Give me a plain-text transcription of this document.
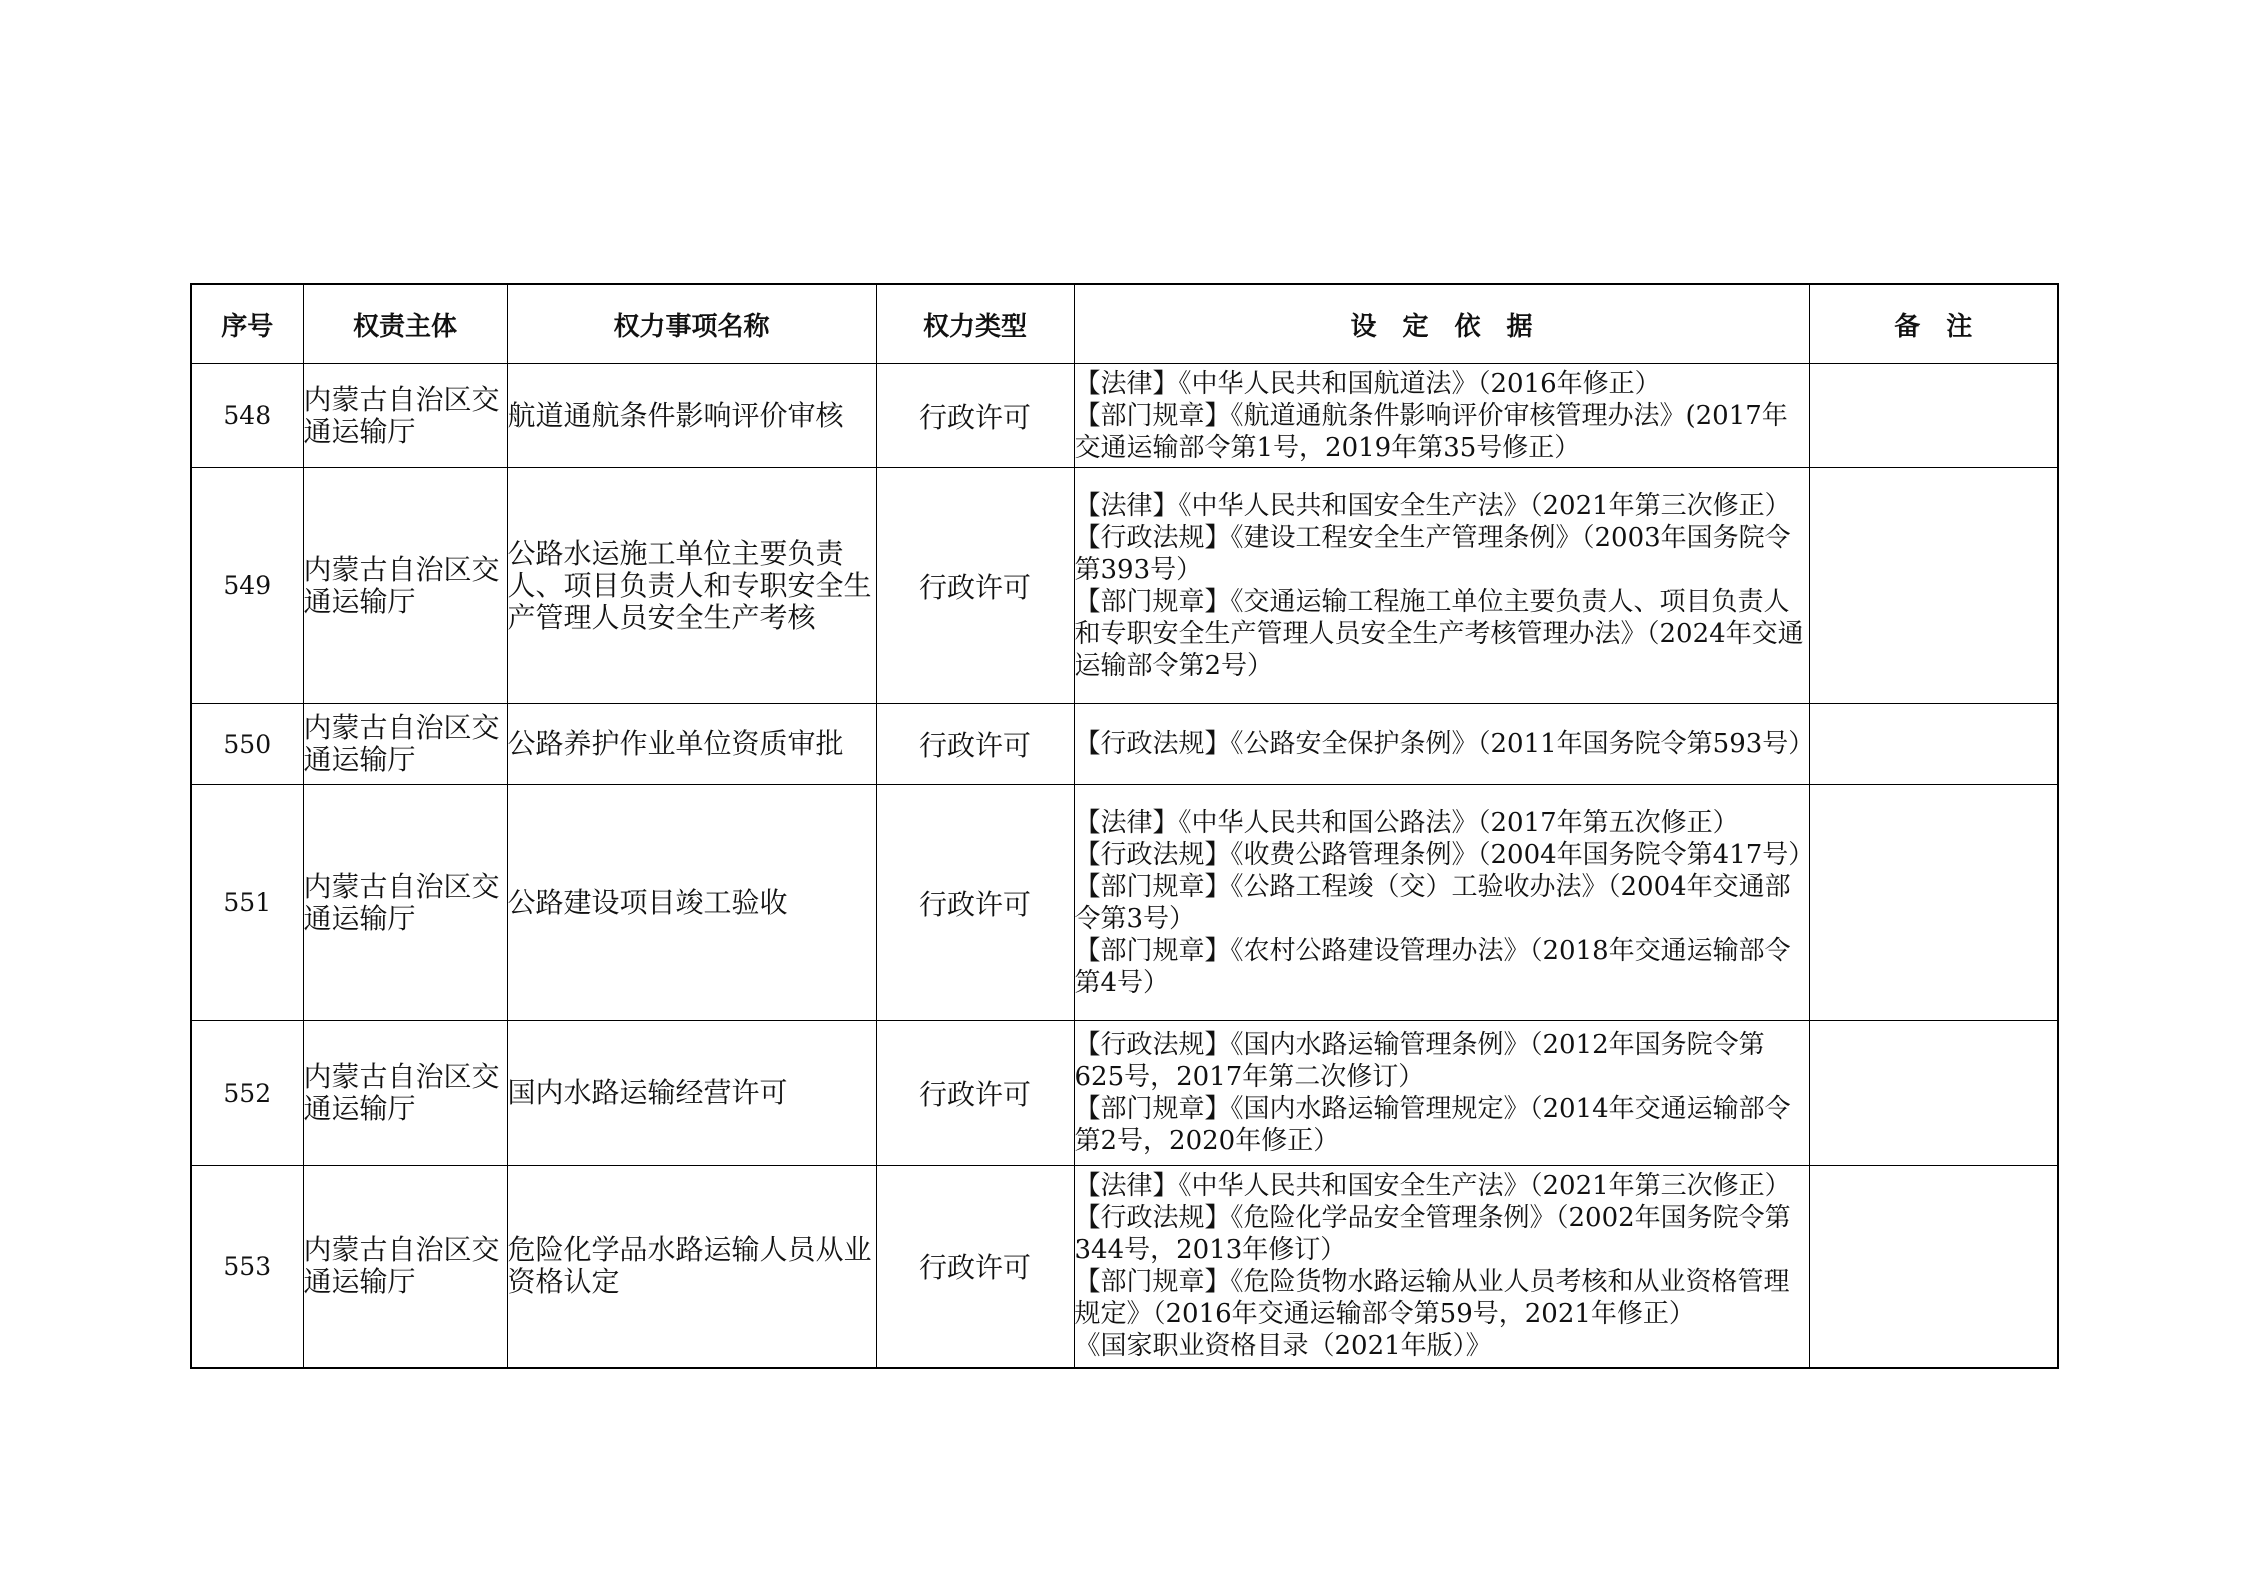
序号	权责主体	权力事项名称	权力类型	设　定　依　据	备　注
548	内蒙古自治区交通运输厅	航道通航条件影响评价审核	行政许可	【法律】《中华人民共和国航道法》（2016年修正）
【部门规章】《航道通航条件影响评价审核管理办法》(2017年交通运输部令第1号，2019年第35号修正）	

549	内蒙古自治区交通运输厅	公路水运施工单位主要负责人、项目负责人和专职安全生产管理人员安全生产考核	行政许可	【法律】《中华人民共和国安全生产法》（2021年第三次修正）
【行政法规】《建设工程安全生产管理条例》（2003年国务院令第393号）
【部门规章】《交通运输工程施工单位主要负责人、项目负责人和专职安全生产管理人员安全生产考核管理办法》（2024年交通运输部令第2号）	

550	内蒙古自治区交通运输厅	公路养护作业单位资质审批	行政许可	【行政法规】《公路安全保护条例》（2011年国务院令第593号）	

551	内蒙古自治区交通运输厅	公路建设项目竣工验收	行政许可	【法律】《中华人民共和国公路法》（2017年第五次修正）
【行政法规】《收费公路管理条例》（2004年国务院令第417号）
【部门规章】《公路工程竣（交）工验收办法》（2004年交通部令第3号）
【部门规章】《农村公路建设管理办法》（2018年交通运输部令第4号）	

552	内蒙古自治区交通运输厅	国内水路运输经营许可	行政许可	【行政法规】《国内水路运输管理条例》（2012年国务院令第625号，2017年第二次修订）
【部门规章】《国内水路运输管理规定》（2014年交通运输部令第2号，2020年修正）	

553	内蒙古自治区交通运输厅	危险化学品水路运输人员从业资格认定	行政许可	【法律】《中华人民共和国安全生产法》（2021年第三次修正）
【行政法规】《危险化学品安全管理条例》（2002年国务院令第344号，2013年修订）
【部门规章】《危险货物水路运输从业人员考核和从业资格管理规定》（2016年交通运输部令第59号，2021年修正）
《国家职业资格目录（2021年版）》	
